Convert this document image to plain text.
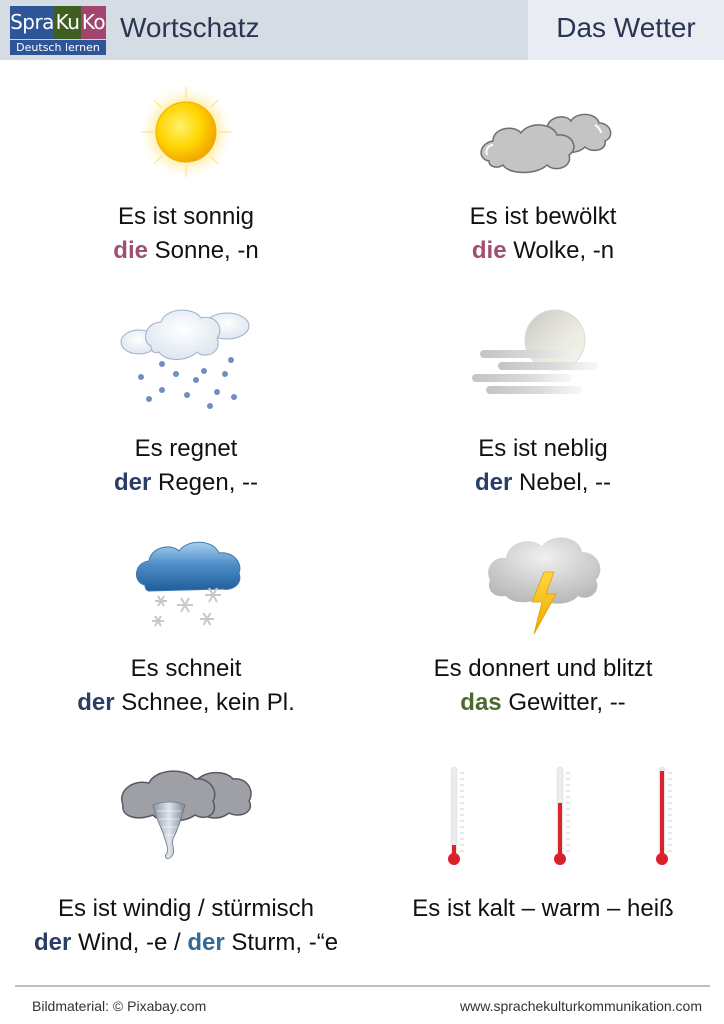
Spra Ku Ko
Deutsch lernen
Wortschatz	Das Wetter
Es ist sonnig
die Sonne, -n
Es ist bewölkt
die Wolke, -n
Es regnet
der Regen, --
Es ist neblig
der Nebel, --
Es schneit
der Schnee, kein Pl.
Es donnert und blitzt
das Gewitter, --
Es ist windig / stürmisch
der Wind, -e / der Sturm, -“e
Es ist kalt – warm – heiß
Bildmaterial: © Pixabay.com	www.sprachekulturkommunikation.com
